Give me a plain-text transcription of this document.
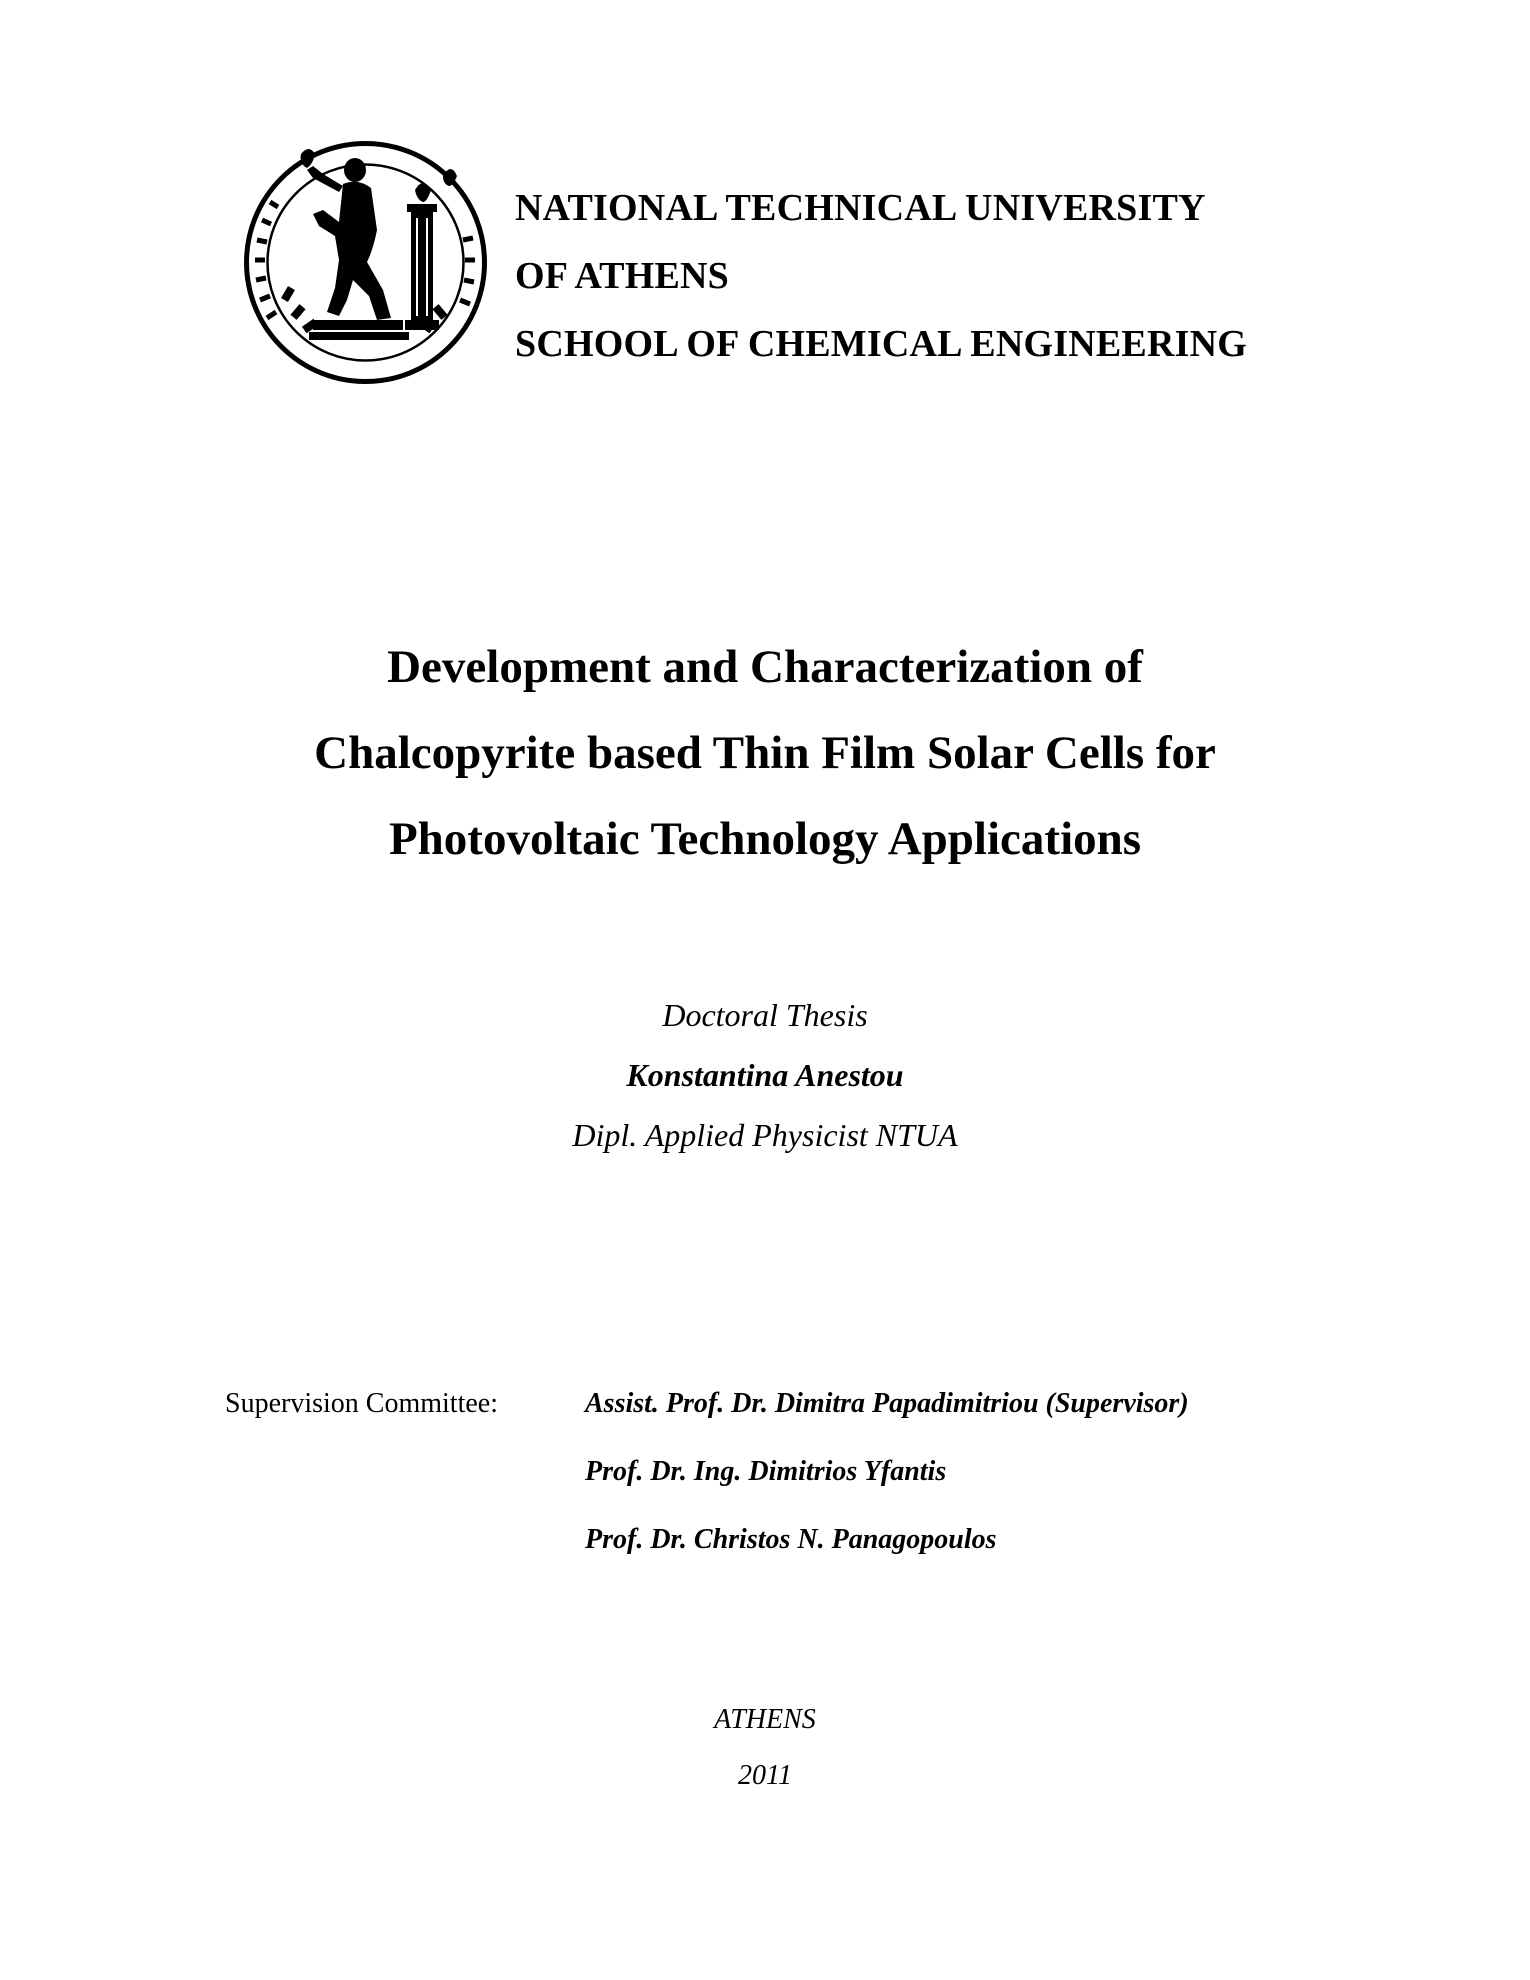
NATIONAL TECHNICAL UNIVERSITY
OF ATHENS
SCHOOL OF CHEMICAL ENGINEERING
Development and Characterization of
Chalcopyrite based Thin Film Solar Cells for
Photovoltaic Technology Applications
Doctoral Thesis
Konstantina Anestou
Dipl. Applied Physicist NTUA
Supervision Committee:	Assist. Prof. Dr. Dimitra Papadimitriou (Supervisor)
Prof. Dr. Ing. Dimitrios Yfantis
Prof. Dr. Christos N. Panagopoulos
ATHENS
2011
